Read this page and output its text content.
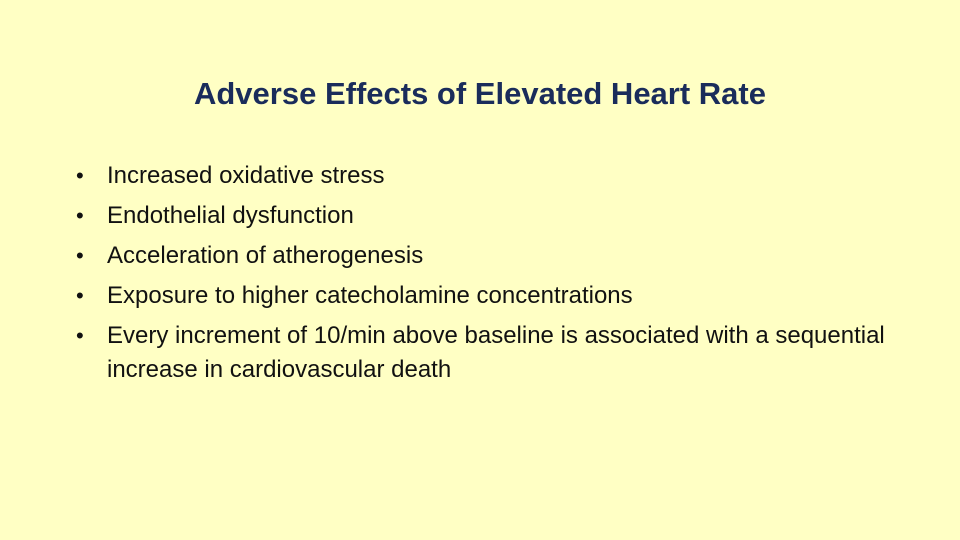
Adverse Effects of Elevated Heart Rate
• Increased oxidative stress
• Endothelial dysfunction
• Acceleration of atherogenesis
• Exposure to higher catecholamine concentrations
• Every increment of 10/min above baseline is associated with a sequential increase in cardiovascular death
